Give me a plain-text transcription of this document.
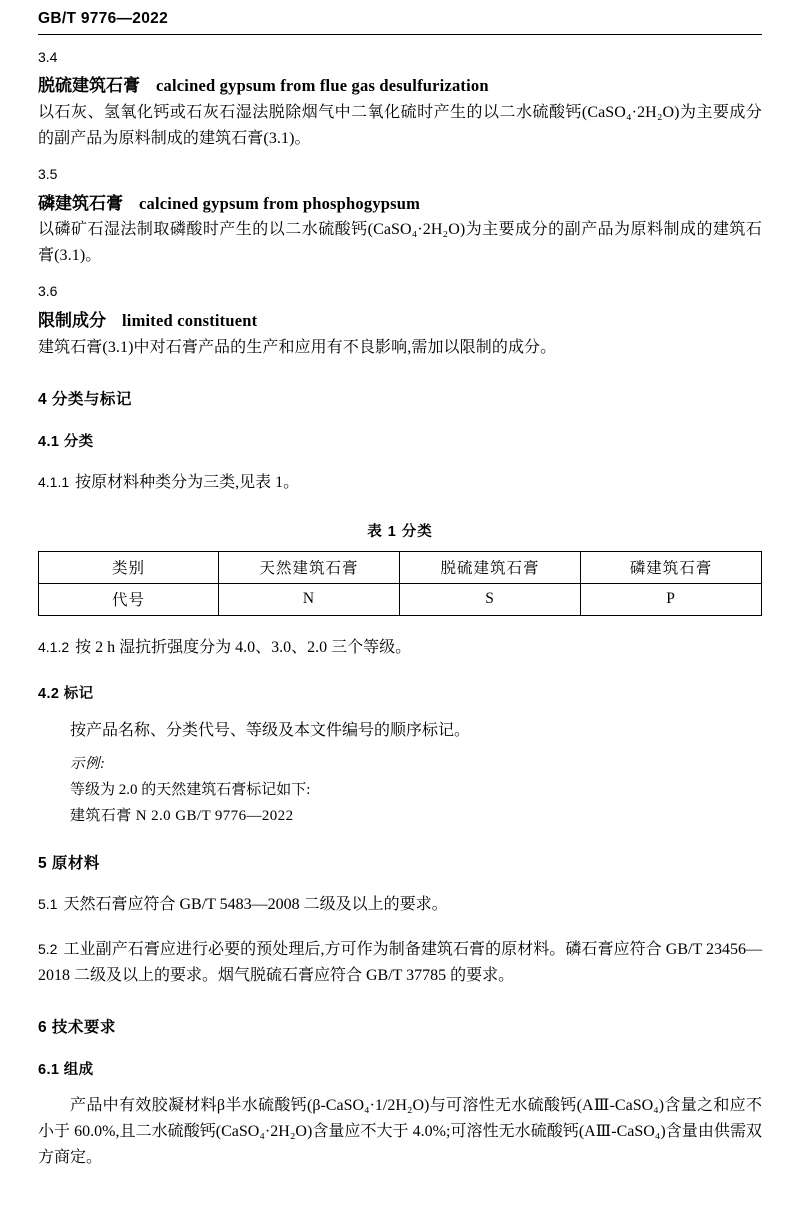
GB/T 9776—2022
3.4
脱硫建筑石膏 calcined gypsum from flue gas desulfurization

以石灰、氢氧化钙或石灰石湿法脱除烟气中二氧化硫时产生的以二水硫酸钙(CaSO₄·2H₂O)为主要成分的副产品为原料制成的建筑石膏(3.1)。

3.5
磷建筑石膏 calcined gypsum from phosphogypsum

以磷矿石湿法制取磷酸时产生的以二水硫酸钙(CaSO₄·2H₂O)为主要成分的副产品为原料制成的建筑石膏(3.1)。

3.6
限制成分 limited constituent

建筑石膏(3.1)中对石膏产品的生产和应用有不良影响,需加以限制的成分。

4 分类与标记
4.1 分类
4.1.1 按原材料种类分为三类,见表 1。
表 1 分类
类别	天然建筑石膏	脱硫建筑石膏	磷建筑石膏
代号	N	S	P
4.1.2 按 2 h 湿抗折强度分为 4.0、3.0、2.0 三个等级。
4.2 标记
按产品名称、分类代号、等级及本文件编号的顺序标记。
示例:
等级为 2.0 的天然建筑石膏标记如下:
建筑石膏 N 2.0 GB/T 9776—2022
5 原材料
5.1 天然石膏应符合 GB/T 5483—2008 二级及以上的要求。
5.2 工业副产石膏应进行必要的预处理后,方可作为制备建筑石膏的原材料。磷石膏应符合 GB/T 23456—2018 二级及以上的要求。烟气脱硫石膏应符合 GB/T 37785 的要求。
6 技术要求
6.1 组成
产品中有效胶凝材料β半水硫酸钙(β-CaSO₄·1/2H₂O)与可溶性无水硫酸钙(AⅢ-CaSO₄)含量之和应不小于 60.0%,且二水硫酸钙(CaSO₄·2H₂O)含量应不大于 4.0%;可溶性无水硫酸钙(AⅢ-CaSO₄)含量由供需双方商定。
